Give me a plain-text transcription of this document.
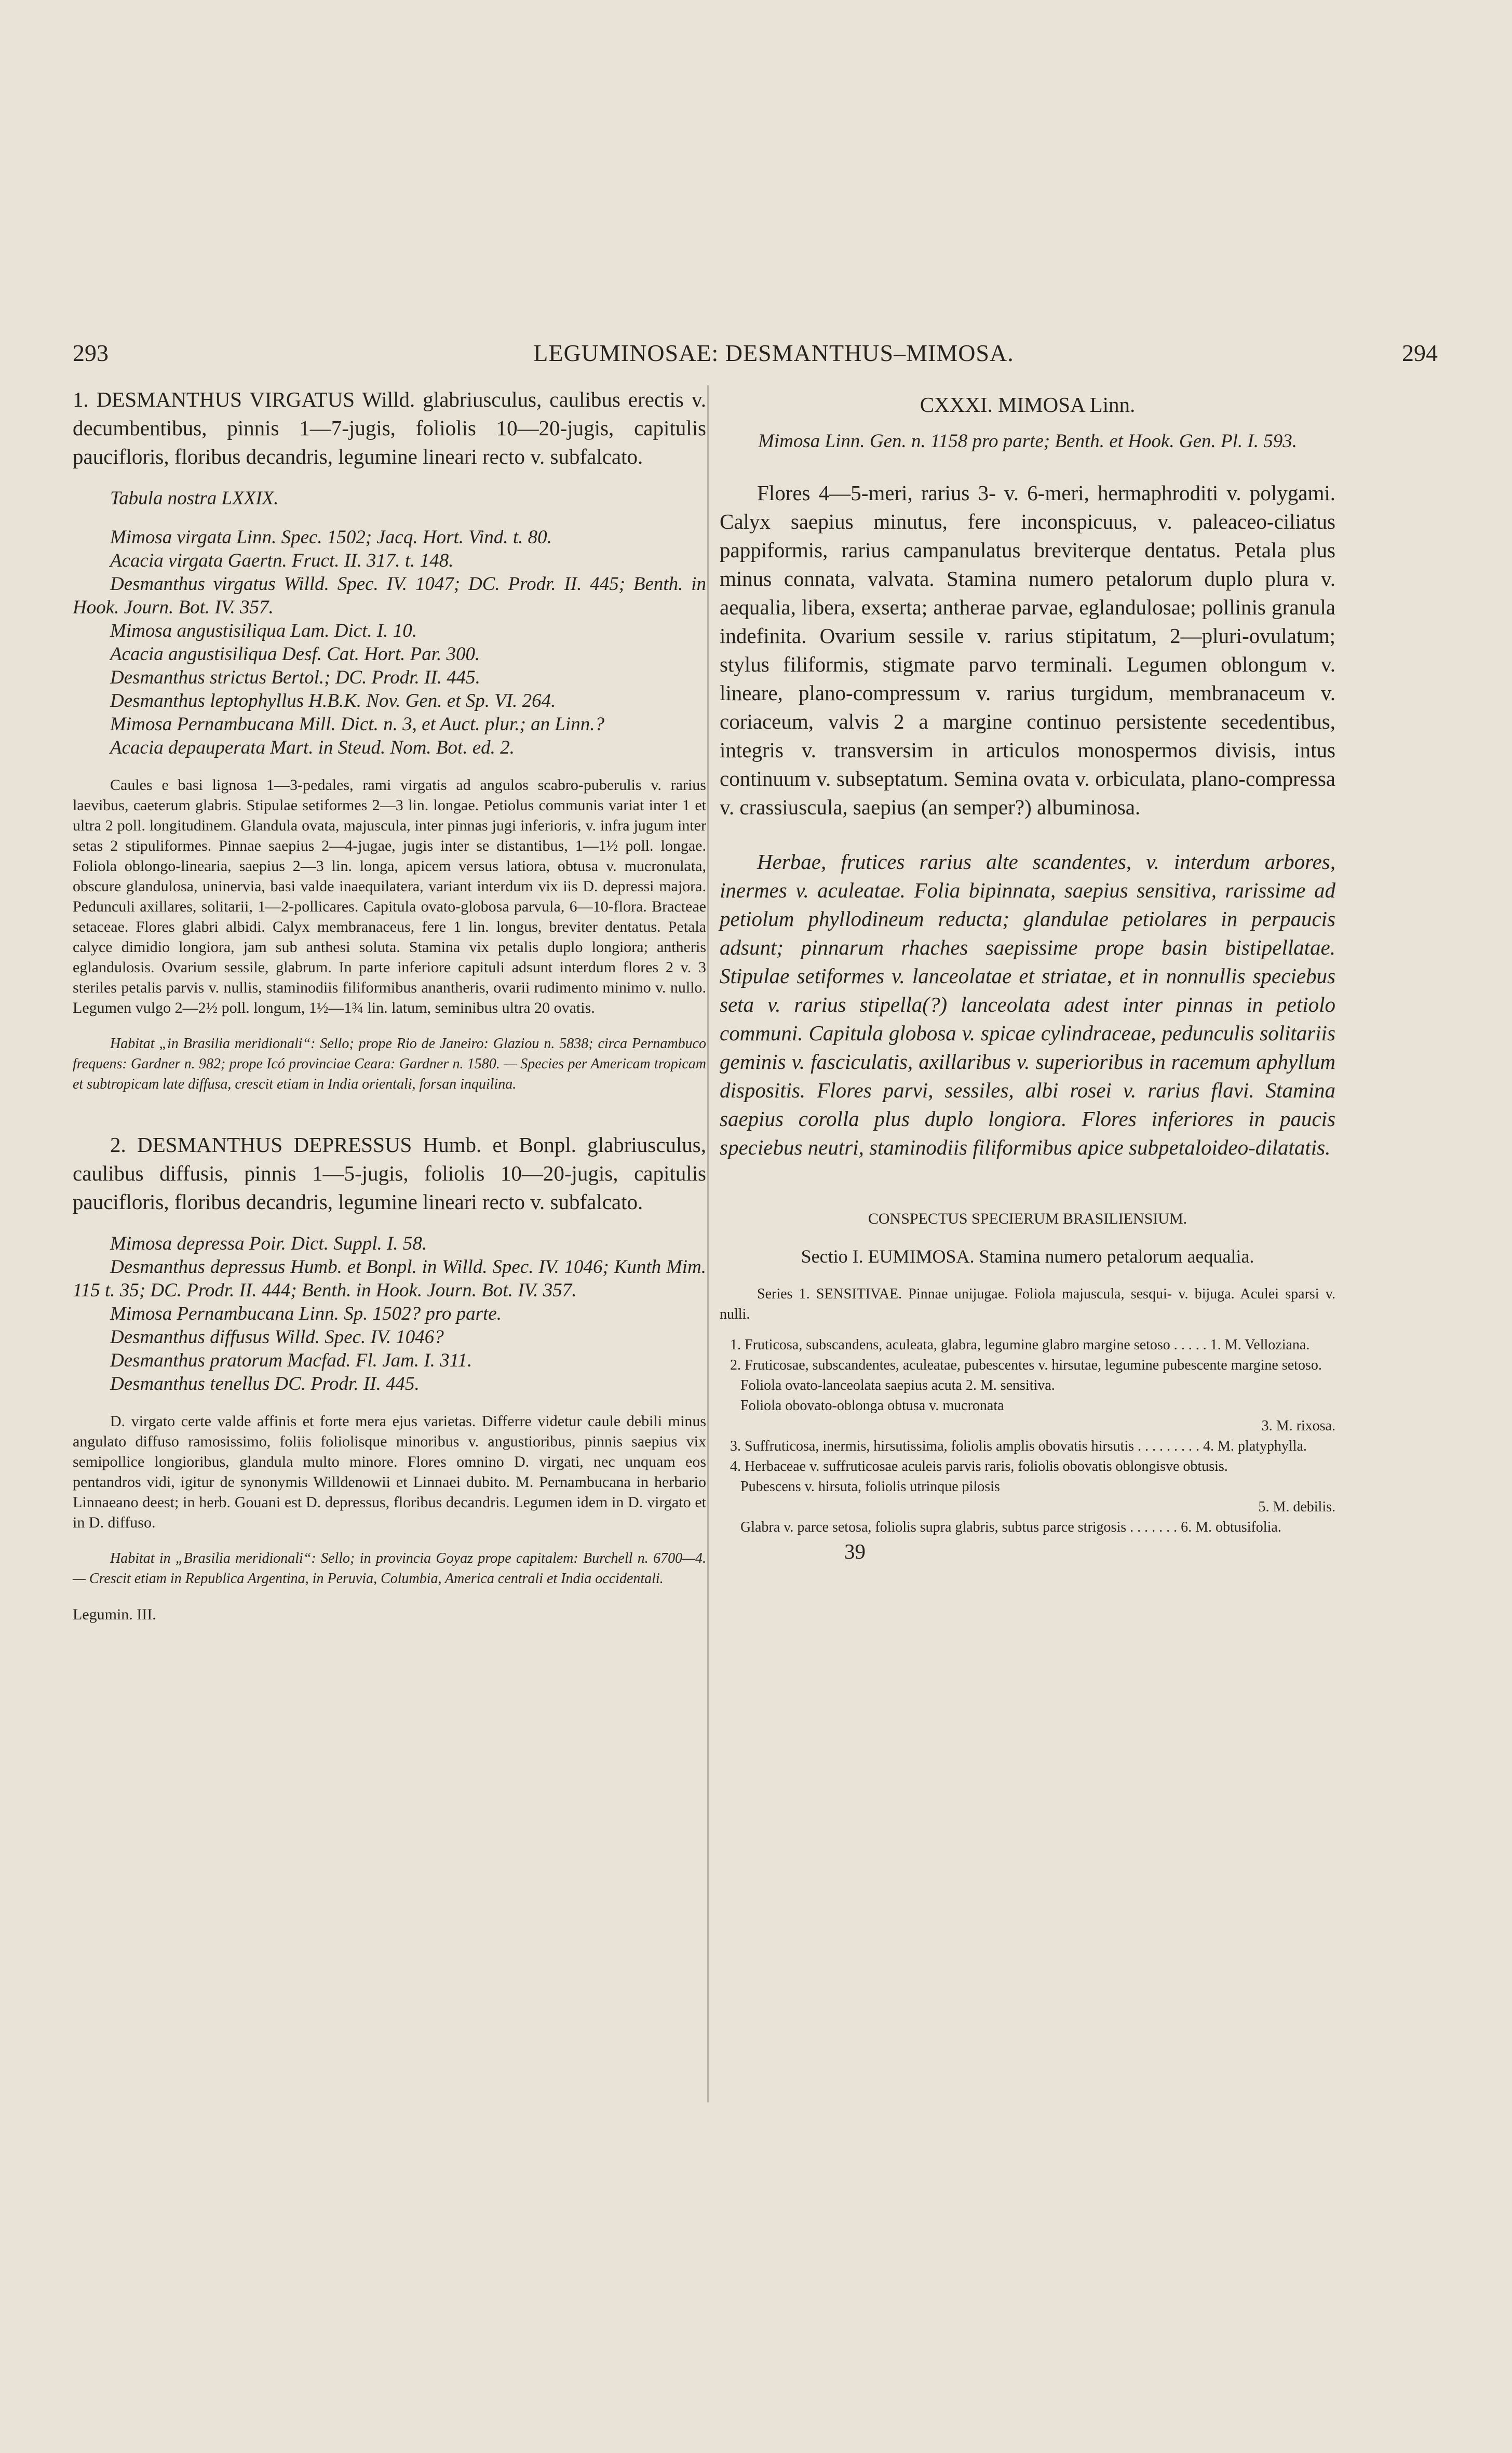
293	LEGUMINOSAE: DESMANTHUS–MIMOSA.	294

1. DESMANTHUS VIRGATUS Willd. glabriusculus, caulibus erectis v. decumbentibus, pinnis 1—7-jugis, foliolis 10—20-jugis, capitulis paucifloris, floribus decandris, legumine lineari recto v. subfalcato.

Tabula nostra LXXIX.

Mimosa virgata Linn. Spec. 1502; Jacq. Hort. Vind. t. 80.

Acacia virgata Gaertn. Fruct. II. 317. t. 148.

Desmanthus virgatus Willd. Spec. IV. 1047; DC. Prodr. II. 445; Benth. in Hook. Journ. Bot. IV. 357.

Mimosa angustisiliqua Lam. Dict. I. 10.

Acacia angustisiliqua Desf. Cat. Hort. Par. 300.

Desmanthus strictus Bertol.; DC. Prodr. II. 445.

Desmanthus leptophyllus H.B.K. Nov. Gen. et Sp. VI. 264.

Mimosa Pernambucana Mill. Dict. n. 3, et Auct. plur.; an Linn.?

Acacia depauperata Mart. in Steud. Nom. Bot. ed. 2.

Caules e basi lignosa 1—3-pedales, rami virgatis ad angulos scabro-puberulis v. rarius laevibus, caeterum glabris. Stipulae setiformes 2—3 lin. longae. Petiolus communis variat inter 1 et ultra 2 poll. longitudinem. Glandula ovata, majuscula, inter pinnas jugi inferioris, v. infra jugum inter setas 2 stipuliformes. Pinnae saepius 2—4-jugae, jugis inter se distantibus, 1—1½ poll. longae. Foliola oblongo-linearia, saepius 2—3 lin. longa, apicem versus latiora, obtusa v. mucronulata, obscure glandulosa, uninervia, basi valde inaequilatera, variant interdum vix iis D. depressi majora. Pedunculi axillares, solitarii, 1—2-pollicares. Capitula ovato-globosa parvula, 6—10-flora. Bracteae setaceae. Flores glabri albidi. Calyx membranaceus, fere 1 lin. longus, breviter dentatus. Petala calyce dimidio longiora, jam sub anthesi soluta. Stamina vix petalis duplo longiora; antheris eglandulosis. Ovarium sessile, glabrum. In parte inferiore capituli adsunt interdum flores 2 v. 3 steriles petalis parvis v. nullis, staminodiis filiformibus anantheris, ovarii rudimento minimo v. nullo. Legumen vulgo 2—2½ poll. longum, 1½—1¾ lin. latum, seminibus ultra 20 ovatis.

Habitat „in Brasilia meridionali“: Sello; prope Rio de Janeiro: Glaziou n. 5838; circa Pernambuco frequens: Gardner n. 982; prope Icó provinciae Ceara: Gardner n. 1580. — Species per Americam tropicam et subtropicam late diffusa, crescit etiam in India orientali, forsan inquilina.

2. DESMANTHUS DEPRESSUS Humb. et Bonpl. glabriusculus, caulibus diffusis, pinnis 1—5-jugis, foliolis 10—20-jugis, capitulis paucifloris, floribus decandris, legumine lineari recto v. subfalcato.

Mimosa depressa Poir. Dict. Suppl. I. 58.

Desmanthus depressus Humb. et Bonpl. in Willd. Spec. IV. 1046; Kunth Mim. 115 t. 35; DC. Prodr. II. 444; Benth. in Hook. Journ. Bot. IV. 357.

Mimosa Pernambucana Linn. Sp. 1502? pro parte.

Desmanthus diffusus Willd. Spec. IV. 1046?

Desmanthus pratorum Macfad. Fl. Jam. I. 311.

Desmanthus tenellus DC. Prodr. II. 445.

D. virgato certe valde affinis et forte mera ejus varietas. Differre videtur caule debili minus angulato diffuso ramosissimo, foliis foliolisque minoribus v. angustioribus, pinnis saepius vix semipollice longioribus, glandula multo minore. Flores omnino D. virgati, nec unquam eos pentandros vidi, igitur de synonymis Willdenowii et Linnaei dubito. M. Pernambucana in herbario Linnaeano deest; in herb. Gouani est D. depressus, floribus decandris. Legumen idem in D. virgato et in D. diffuso.

Habitat in „Brasilia meridionali“: Sello; in provincia Goyaz prope capitalem: Burchell n. 6700—4. — Crescit etiam in Republica Argentina, in Peruvia, Columbia, America centrali et India occidentali.

Legumin. III.

CXXXI. MIMOSA Linn.

Mimosa Linn. Gen. n. 1158 pro parte; Benth. et Hook. Gen. Pl. I. 593.

Flores 4—5-meri, rarius 3- v. 6-meri, hermaphroditi v. polygami. Calyx saepius minutus, fere inconspicuus, v. paleaceo-ciliatus pappiformis, rarius campanulatus breviterque dentatus. Petala plus minus connata, valvata. Stamina numero petalorum duplo plura v. aequalia, libera, exserta; antherae parvae, eglandulosae; pollinis granula indefinita. Ovarium sessile v. rarius stipitatum, 2—pluri-ovulatum; stylus filiformis, stigmate parvo terminali. Legumen oblongum v. lineare, plano-compressum v. rarius turgidum, membranaceum v. coriaceum, valvis 2 a margine continuo persistente secedentibus, integris v. transversim in articulos monospermos divisis, intus continuum v. subseptatum. Semina ovata v. orbiculata, plano-compressa v. crassiuscula, saepius (an semper?) albuminosa.

Herbae, frutices rarius alte scandentes, v. interdum arbores, inermes v. aculeatae. Folia bipinnata, saepius sensitiva, rarissime ad petiolum phyllodineum reducta; glandulae petiolares in perpaucis adsunt; pinnarum rhaches saepissime prope basin bistipellatae. Stipulae setiformes v. lanceolatae et striatae, et in nonnullis speciebus seta v. rarius stipella(?) lanceolata adest inter pinnas in petiolo communi. Capitula globosa v. spicae cylindraceae, pedunculis solitariis geminis v. fasciculatis, axillaribus v. superioribus in racemum aphyllum dispositis. Flores parvi, sessiles, albi rosei v. rarius flavi. Stamina saepius corolla plus duplo longiora. Flores inferiores in paucis speciebus neutri, staminodiis filiformibus apice subpetaloideo-dilatatis.

CONSPECTUS SPECIERUM BRASILIENSIUM.

Sectio I. EUMIMOSA. Stamina numero petalorum aequalia.

Series 1. SENSITIVAE. Pinnae unijugae. Foliola majuscula, sesqui- v. bijuga. Aculei sparsi v. nulli.

1. Fruticosa, subscandens, aculeata, glabra, legumine glabro margine setoso . . . . . 1. M. Velloziana.

2. Fruticosae, subscandentes, aculeatae, pubescentes v. hirsutae, legumine pubescente margine setoso.

Foliola ovato-lanceolata saepius acuta 2. M. sensitiva.

Foliola obovato-oblonga obtusa v. mucronata

3. M. rixosa.

3. Suffruticosa, inermis, hirsutissima, foliolis amplis obovatis hirsutis . . . . . . . . . 4. M. platyphylla.

4. Herbaceae v. suffruticosae aculeis parvis raris, foliolis obovatis oblongisve obtusis.

Pubescens v. hirsuta, foliolis utrinque pilosis

5. M. debilis.

Glabra v. parce setosa, foliolis supra glabris, subtus parce strigosis . . . . . . . 6. M. obtusifolia.

39
